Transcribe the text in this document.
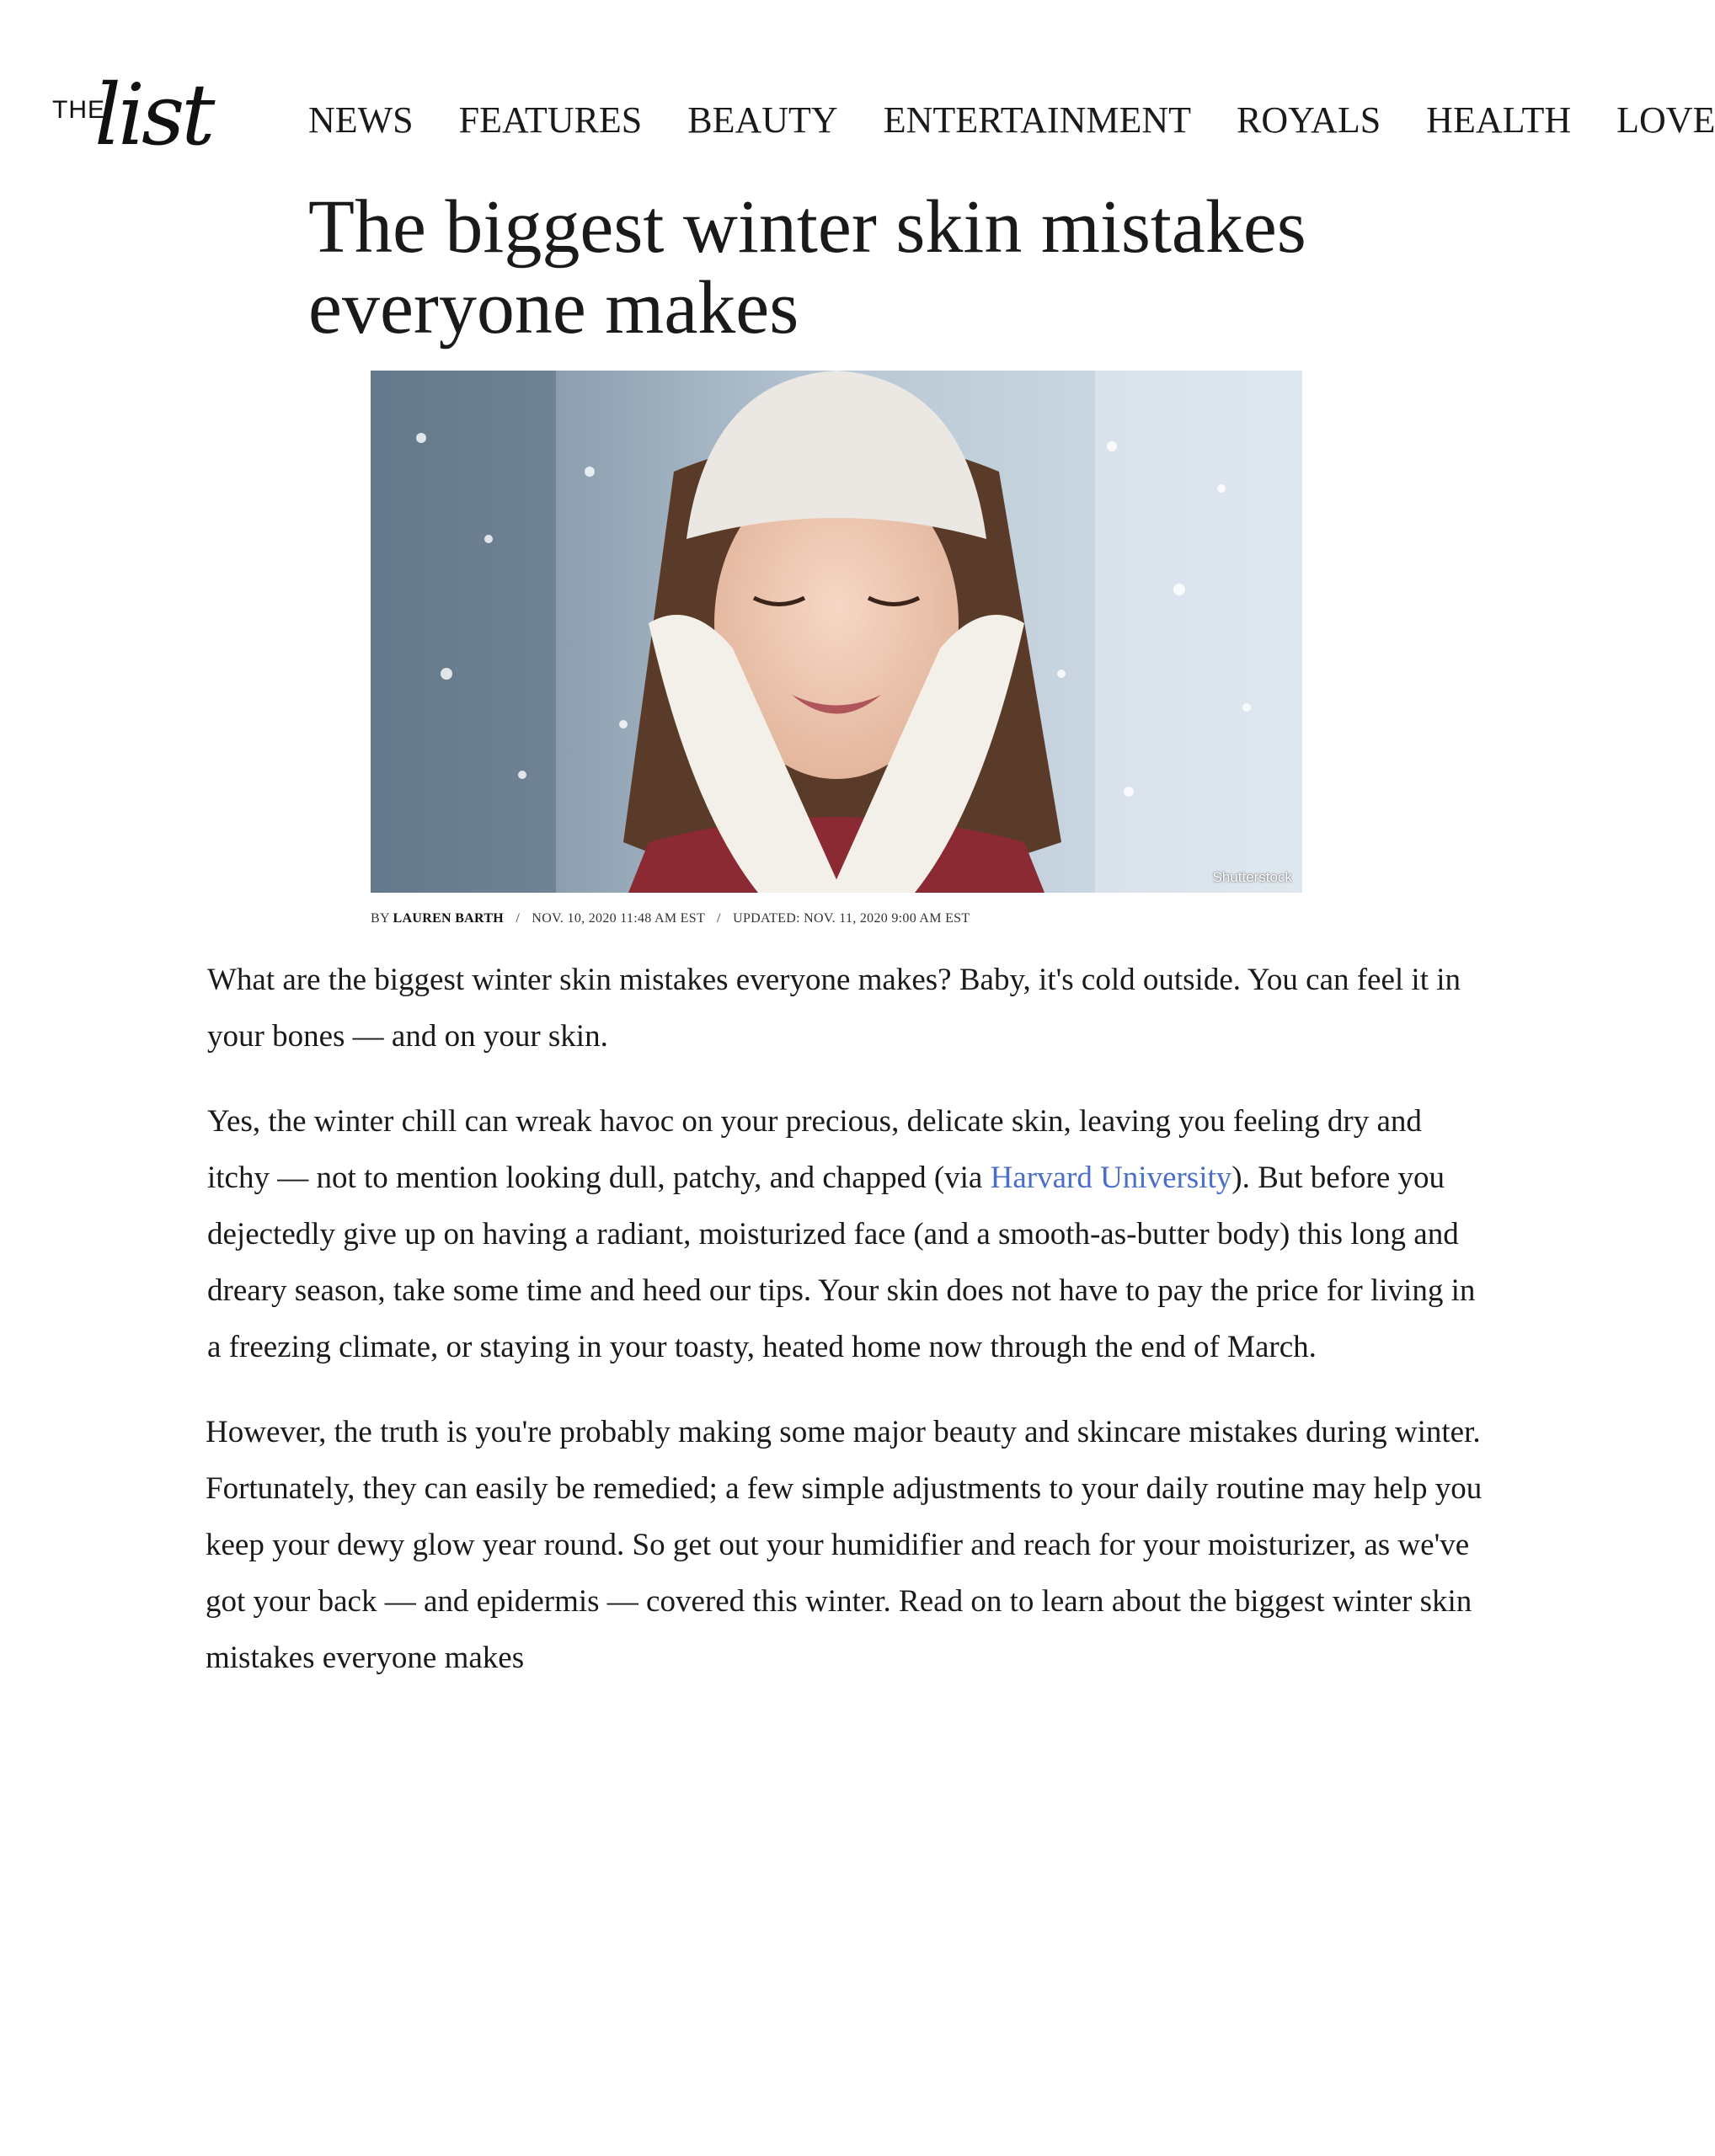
THE
list	NEWS FEATURES BEAUTY ENTERTAINMENT ROYALS HEALTH LOVE
The biggest winter skin mistakes everyone makes
Shutterstock
BY LAUREN BARTH / NOV. 10, 2020 11:48 AM EST / UPDATED: NOV. 11, 2020 9:00 AM EST

What are the biggest winter skin mistakes everyone makes? Baby, it's cold outside. You can feel it in your bones — and on your skin.

Yes, the winter chill can wreak havoc on your precious, delicate skin, leaving you feeling dry and itchy — not to mention looking dull, patchy, and chapped (via Harvard University). But before you dejectedly give up on having a radiant, moisturized face (and a smooth-as-butter body) this long and dreary season, take some time and heed our tips. Your skin does not have to pay the price for living in a freezing climate, or staying in your toasty, heated home now through the end of March.

However, the truth is you're probably making some major beauty and skincare mistakes during winter. Fortunately, they can easily be remedied; a few simple adjustments to your daily routine may help you keep your dewy glow year round. So get out your humidifier and reach for your moisturizer, as we've got your back — and epidermis — covered this winter. Read on to learn about the biggest winter skin mistakes everyone makes
